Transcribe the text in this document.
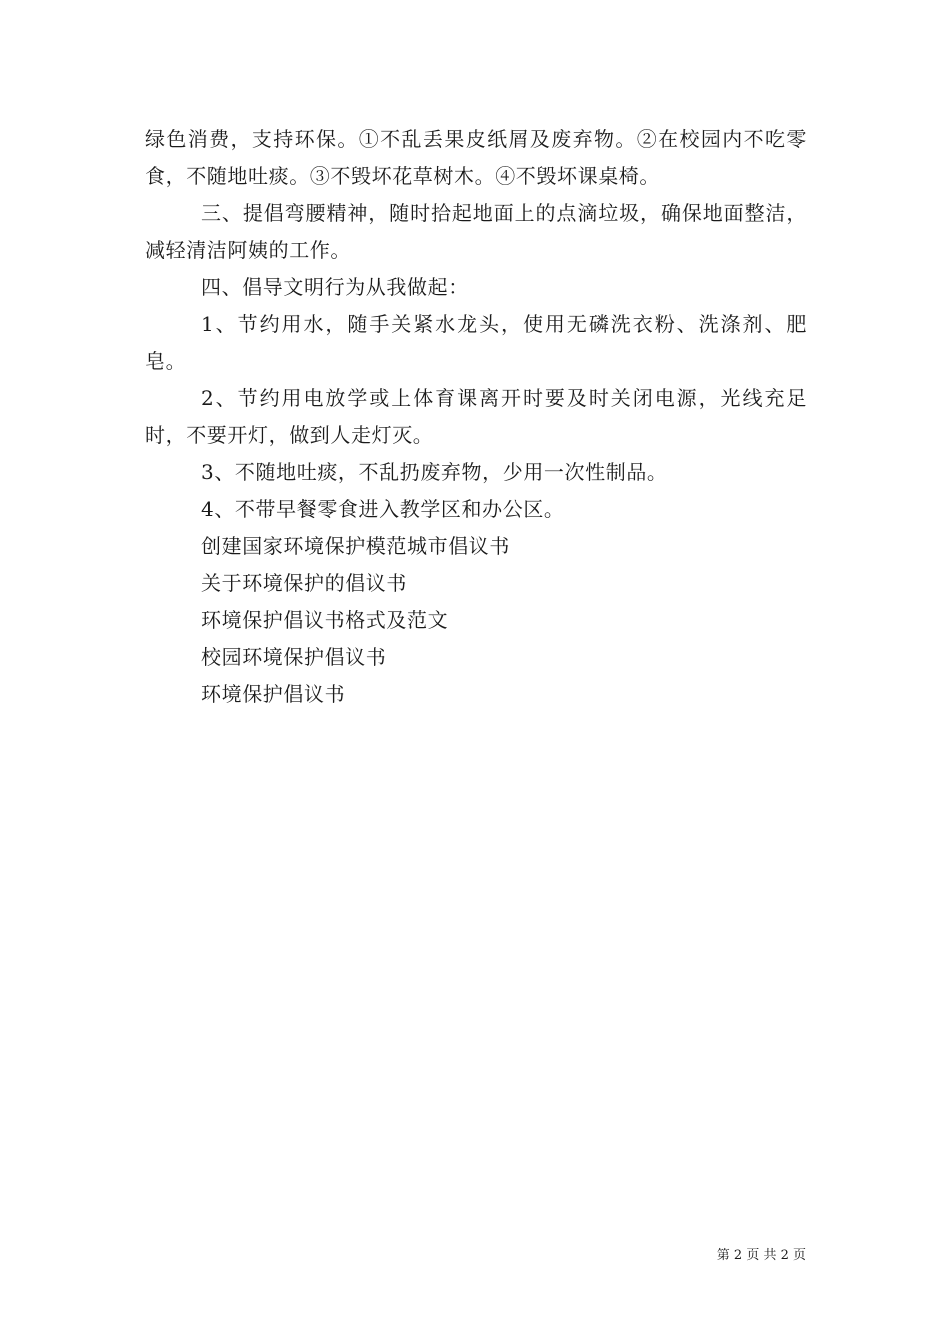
绿色消费，支持环保。①不乱丢果皮纸屑及废弃物。②在校园内不吃零食，不随地吐痰。③不毁坏花草树木。④不毁坏课桌椅。

三、提倡弯腰精神，随时拾起地面上的点滴垃圾，确保地面整洁，减轻清洁阿姨的工作。

四、倡导文明行为从我做起：

1、节约用水，随手关紧水龙头，使用无磷洗衣粉、洗涤剂、肥皂。

2、节约用电放学或上体育课离开时要及时关闭电源，光线充足时，不要开灯，做到人走灯灭。

3、不随地吐痰，不乱扔废弃物，少用一次性制品。

4、不带早餐零食进入教学区和办公区。

创建国家环境保护模范城市倡议书

关于环境保护的倡议书

环境保护倡议书格式及范文

校园环境保护倡议书

环境保护倡议书

第 2 页 共 2 页
